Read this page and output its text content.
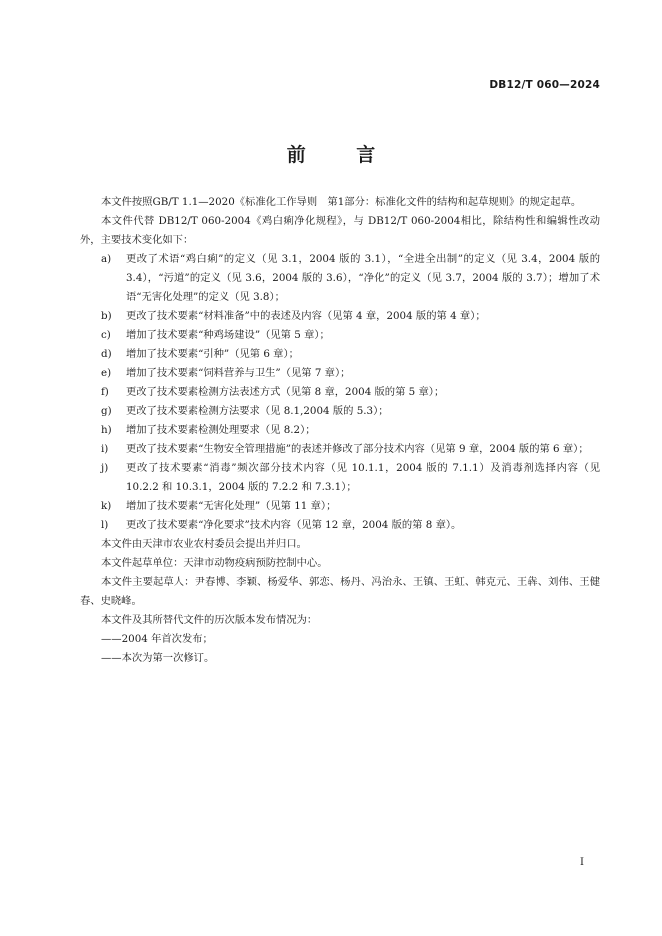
DB12/T 060—2024
前 言

本文件按照GB/T 1.1—2020《标准化工作导则　第1部分：标准化文件的结构和起草规则》的规定起草。

本文件代替 DB12/T 060-2004《鸡白痢净化规程》，与 DB12/T 060-2004相比，除结构性和编辑性改动外，主要技术变化如下：

a) 更改了术语“鸡白痢”的定义（见 3.1，2004 版的 3.1），“全进全出制”的定义（见 3.4，2004 版的 3.4），“污道”的定义（见 3.6，2004 版的 3.6），“净化”的定义（见 3.7，2004 版的 3.7）；增加了术语“无害化处理”的定义（见 3.8）；
b) 更改了技术要素“材料准备”中的表述及内容（见第 4 章，2004 版的第 4 章）；
c) 增加了技术要素“种鸡场建设”（见第 5 章）；
d) 增加了技术要素“引种”（见第 6 章）；
e) 增加了技术要素“饲料营养与卫生”（见第 7 章）；
f) 更改了技术要素检测方法表述方式（见第 8 章，2004 版的第 5 章）；
g) 更改了技术要素检测方法要求（见 8.1,2004 版的 5.3）；
h) 增加了技术要素检测处理要求（见 8.2）；
i) 更改了技术要素“生物安全管理措施”的表述并修改了部分技术内容（见第 9 章，2004 版的第 6 章）；
j) 更改了技术要素“消毒”频次部分技术内容（见 10.1.1，2004 版的 7.1.1）及消毒剂选择内容（见 10.2.2 和 10.3.1，2004 版的 7.2.2 和 7.3.1）；
k) 增加了技术要素“无害化处理”（见第 11 章）；
l) 更改了技术要素“净化要求”技术内容（见第 12 章，2004 版的第 8 章）。

本文件由天津市农业农村委员会提出并归口。

本文件起草单位：天津市动物疫病预防控制中心。

本文件主要起草人：尹春博、李颖、杨爱华、郭恋、杨丹、冯治永、王镇、王虹、韩克元、王犇、刘伟、王健春、史晓峰。

本文件及其所替代文件的历次版本发布情况为：

——2004 年首次发布；

——本次为第一次修订。

I
